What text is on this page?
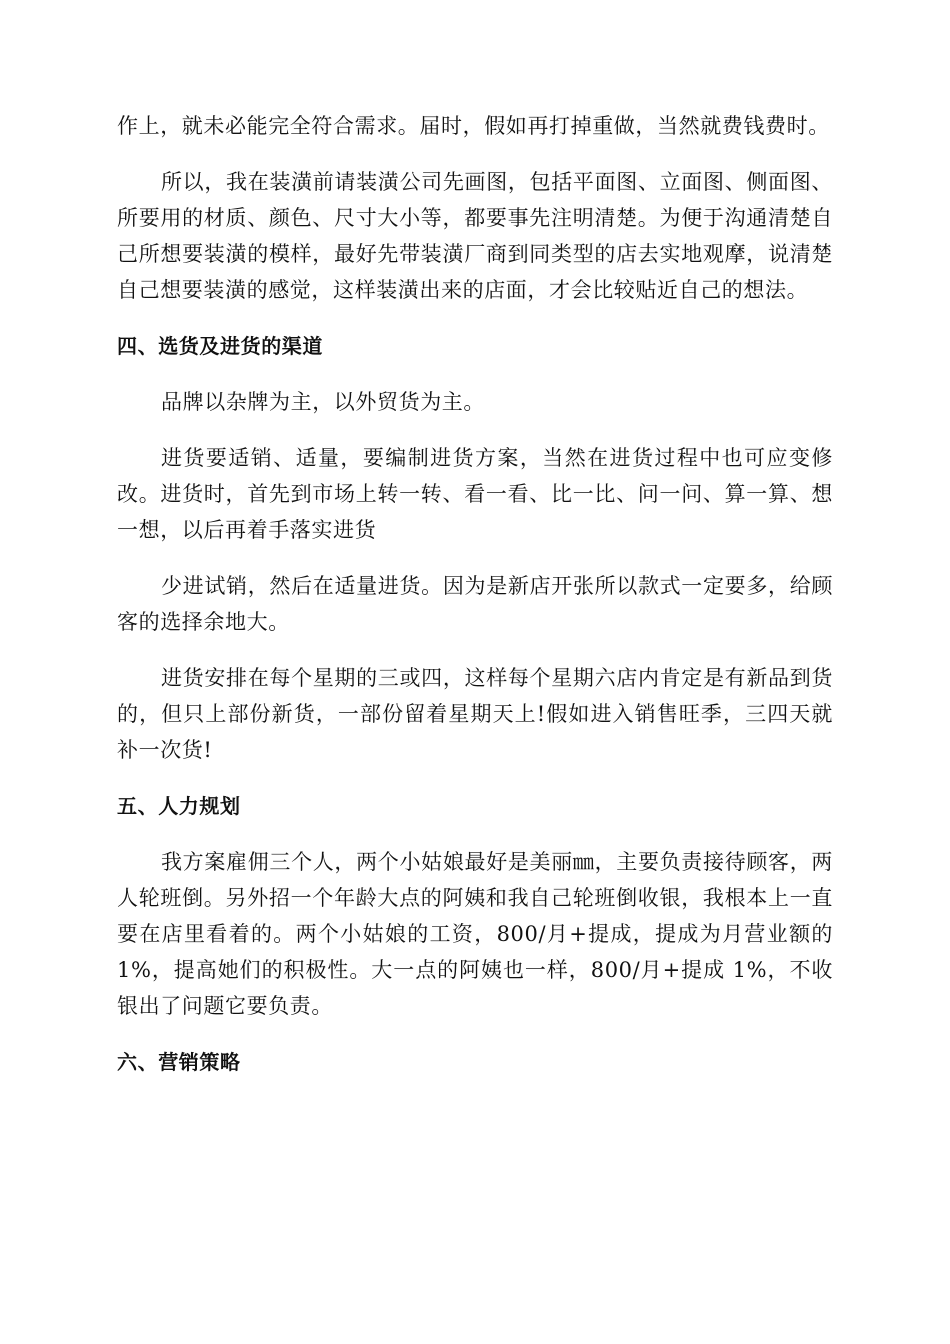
作上，就未必能完全符合需求。届时，假如再打掉重做，当然就费钱费时。

所以，我在装潢前请装潢公司先画图，包括平面图、立面图、侧面图、所要用的材质、颜色、尺寸大小等，都要事先注明清楚。为便于沟通清楚自己所想要装潢的模样，最好先带装潢厂商到同类型的店去实地观摩，说清楚自己想要装潢的感觉，这样装潢出来的店面，才会比较贴近自己的想法。

四、选货及进货的渠道

品牌以杂牌为主，以外贸货为主。

进货要适销、适量，要编制进货方案，当然在进货过程中也可应变修改。进货时，首先到市场上转一转、看一看、比一比、问一问、算一算、想一想，以后再着手落实进货

少进试销，然后在适量进货。因为是新店开张所以款式一定要多，给顾客的选择余地大。

进货安排在每个星期的三或四，这样每个星期六店内肯定是有新品到货的，但只上部份新货，一部份留着星期天上!假如进入销售旺季，三四天就补一次货!

五、人力规划

我方案雇佣三个人，两个小姑娘最好是美丽㎜，主要负责接待顾客，两人轮班倒。另外招一个年龄大点的阿姨和我自己轮班倒收银，我根本上一直要在店里看着的。两个小姑娘的工资，800/月+提成，提成为月营业额的 1%，提高她们的积极性。大一点的阿姨也一样，800/月+提成 1%，不收银出了问题它要负责。

六、营销策略
